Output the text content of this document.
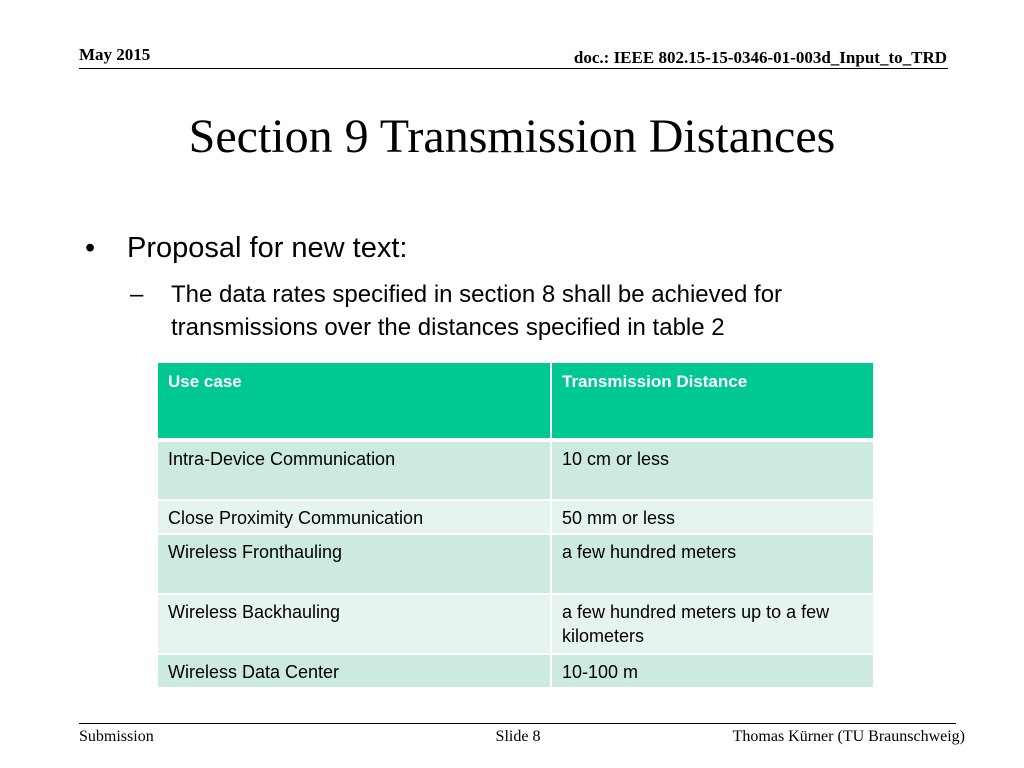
May 2015	doc.: IEEE 802.15-15-0346-01-003d_Input_to_TRD
Section 9 Transmission Distances
• Proposal for new text:
– The data rates specified in section 8 shall be achieved for transmissions over the distances specified in table 2
Use case	Transmission Distance
Intra-Device Communication	10 cm or less
Close Proximity Communication	50 mm or less
Wireless Fronthauling	a few hundred meters
Wireless Backhauling	a few hundred meters up to a few kilometers
Wireless Data Center	10-100 m
Submission	Slide 8	Thomas Kürner (TU Braunschweig)
